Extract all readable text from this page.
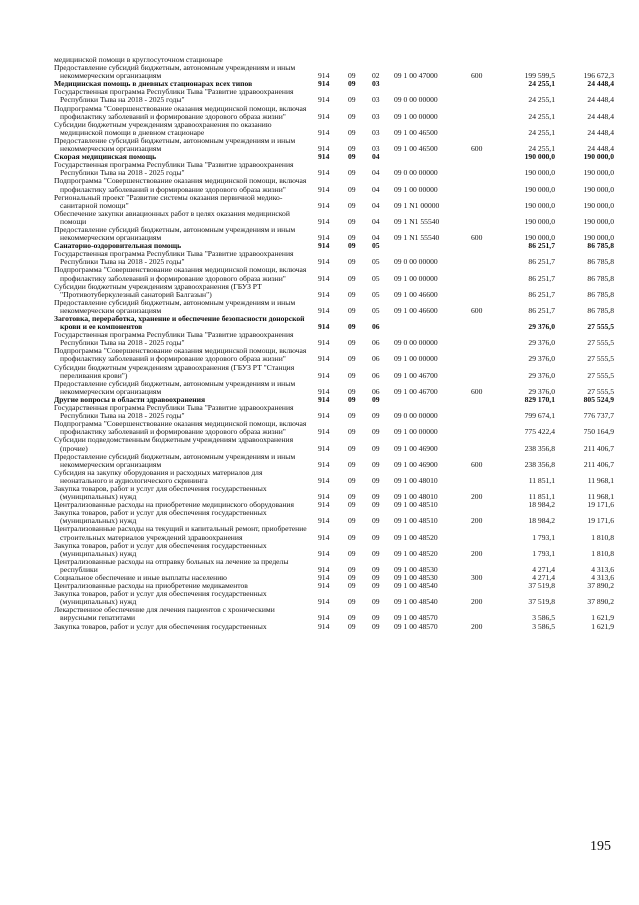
медицинской помощи в круглосуточном стационаре
Предоставление субсидий бюджетным, автономным учреждениям и иным некоммерческим организациям	914 09 02 09 1 00 47000	600	199 599,5	196 672,3
Медицинская помощь в дневных стационарах всех типов	914 09 03	24 255,1	24 448,4
Государственная программа Республики Тыва "Развитие здравоохранения Республики Тыва на 2018 - 2025 годы"	914 09 03 09 0 00 00000	24 255,1	24 448,4
Подпрограмма "Совершенствование оказания медицинской помощи, включая профилактику заболеваний и формирование здорового образа жизни"	914 09 03 09 1 00 00000	24 255,1	24 448,4
Субсидии бюджетным учреждениям здравоохранения по оказанию медицинской помощи в дневном стационаре	914 09 03 09 1 00 46500	24 255,1	24 448,4
Предоставление субсидий бюджетным, автономным учреждениям и иным некоммерческим организациям	914 09 03 09 1 00 46500	600	24 255,1	24 448,4
Скорая медицинская помощь	914 09 04	190 000,0	190 000,0
Государственная программа Республики Тыва "Развитие здравоохранения Республики Тыва на 2018 - 2025 годы"	914 09 04 09 0 00 00000	190 000,0	190 000,0
Подпрограмма "Совершенствование оказания медицинской помощи, включая профилактику заболеваний и формирование здорового образа жизни"	914 09 04 09 1 00 00000	190 000,0	190 000,0
Региональный проект "Развитие системы оказания первичной медико-санитарной помощи"	914 09 04 09 1 N1 00000	190 000,0	190 000,0
Обеспечение закупки авиационных работ в целях оказания медицинской помощи	914 09 04 09 1 N1 55540	190 000,0	190 000,0
Предоставление субсидий бюджетным, автономным учреждениям и иным некоммерческим организациям	914 09 04 09 1 N1 55540	600	190 000,0	190 000,0
Санаторно-оздоровительная помощь	914 09 05	86 251,7	86 785,8
Государственная программа Республики Тыва "Развитие здравоохранения Республики Тыва на 2018 - 2025 годы"	914 09 05 09 0 00 00000	86 251,7	86 785,8
Подпрограмма "Совершенствование оказания медицинской помощи, включая профилактику заболеваний и формирование здорового образа жизни"	914 09 05 09 1 00 00000	86 251,7	86 785,8
Субсидии бюджетным учреждениям здравоохранения (ГБУЗ РТ "Противотуберкулезный санаторий Балгазын")	914 09 05 09 1 00 46600	86 251,7	86 785,8
Предоставление субсидий бюджетным, автономным учреждениям и иным некоммерческим организациям	914 09 05 09 1 00 46600	600	86 251,7	86 785,8
Заготовка, переработка, хранение и обеспечение безопасности донорской крови и ее компонентов	914 09 06	29 376,0	27 555,5
Государственная программа Республики Тыва "Развитие здравоохранения Республики Тыва на 2018 - 2025 годы"	914 09 06 09 0 00 00000	29 376,0	27 555,5
Подпрограмма "Совершенствование оказания медицинской помощи, включая профилактику заболеваний и формирование здорового образа жизни"	914 09 06 09 1 00 00000	29 376,0	27 555,5
Субсидии бюджетным учреждениям здравоохранения (ГБУЗ РТ "Станция переливания крови")	914 09 06 09 1 00 46700	29 376,0	27 555,5
Предоставление субсидий бюджетным, автономным учреждениям и иным некоммерческим организациям	914 09 06 09 1 00 46700	600	29 376,0	27 555,5
Другие вопросы в области здравоохранения	914 09 09	829 170,1	805 524,9
Государственная программа Республики Тыва "Развитие здравоохранения Республики Тыва на 2018 - 2025 годы"	914 09 09 09 0 00 00000	799 674,1	776 737,7
Подпрограмма "Совершенствование оказания медицинской помощи, включая профилактику заболеваний и формирование здорового образа жизни"	914 09 09 09 1 00 00000	775 422,4	750 164,9
Субсидии подведомственным бюджетным учреждениям здравоохранения (прочие)	914 09 09 09 1 00 46900	238 356,8	211 406,7
Предоставление субсидий бюджетным, автономным учреждениям и иным некоммерческим организациям	914 09 09 09 1 00 46900	600	238 356,8	211 406,7
Субсидия на закупку оборудования и расходных материалов для неонатального и аудиологического скрининга	914 09 09 09 1 00 48010	11 851,1	11 968,1
Закупка товаров, работ и услуг для обеспечения государственных (муниципальных) нужд	914 09 09 09 1 00 48010	200	11 851,1	11 968,1
Централизованные расходы на приобретение медицинского оборудования	914 09 09 09 1 00 48510	18 984,2	19 171,6
Закупка товаров, работ и услуг для обеспечения государственных (муниципальных) нужд	914 09 09 09 1 00 48510	200	18 984,2	19 171,6
Централизованные расходы на текущий и капитальный ремонт, приобретение строительных материалов учреждений здравоохранения	914 09 09 09 1 00 48520	1 793,1	1 810,8
Закупка товаров, работ и услуг для обеспечения государственных (муниципальных) нужд	914 09 09 09 1 00 48520	200	1 793,1	1 810,8
Централизованные расходы на отправку больных на лечение за пределы республики	914 09 09 09 1 00 48530	4 271,4	4 313,6
Социальное обеспечение и иные выплаты населению	914 09 09 09 1 00 48530	300	4 271,4	4 313,6
Централизованные расходы на приобретение медикаментов	914 09 09 09 1 00 48540	37 519,8	37 890,2
Закупка товаров, работ и услуг для обеспечения государственных (муниципальных) нужд	914 09 09 09 1 00 48540	200	37 519,8	37 890,2
Лекарственное обеспечение для лечения пациентов с хроническими вирусными гепатитами	914 09 09 09 1 00 48570	3 586,5	1 621,9
Закупка товаров, работ и услуг для обеспечения государственных	914 09 09 09 1 00 48570	200	3 586,5	1 621,9
195
